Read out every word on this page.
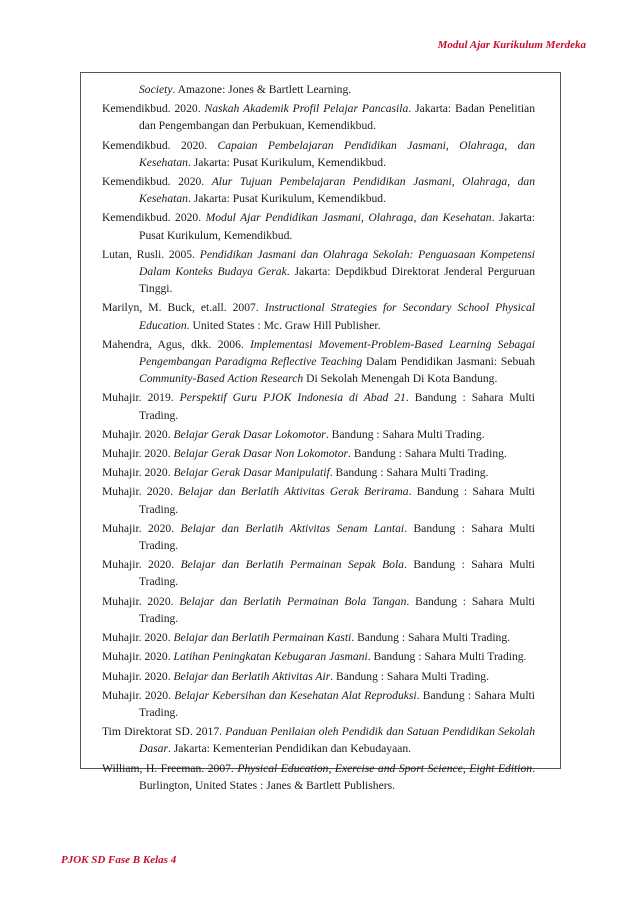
Modul Ajar Kurikulum Merdeka

Society. Amazone: Jones & Bartlett Learning.

Kemendikbud. 2020. Naskah Akademik Profil Pelajar Pancasila. Jakarta: Badan Penelitian dan Pengembangan dan Perbukuan, Kemendikbud.

Kemendikbud. 2020. Capaian Pembelajaran Pendidikan Jasmani, Olahraga, dan Kesehatan. Jakarta: Pusat Kurikulum, Kemendikbud.

Kemendikbud. 2020. Alur Tujuan Pembelajaran Pendidikan Jasmani, Olahraga, dan Kesehatan. Jakarta: Pusat Kurikulum, Kemendikbud.

Kemendikbud. 2020. Modul Ajar Pendidikan Jasmani, Olahraga, dan Kesehatan. Jakarta: Pusat Kurikulum, Kemendikbud.

Lutan, Rusli. 2005. Pendidikan Jasmani dan Olahraga Sekolah: Penguasaan Kompetensi Dalam Konteks Budaya Gerak. Jakarta: Depdikbud Direktorat Jenderal Perguruan Tinggi.

Marilyn, M. Buck, et.all. 2007. Instructional Strategies for Secondary School Physical Education. United States : Mc. Graw Hill Publisher.

Mahendra, Agus, dkk. 2006. Implementasi Movement-Problem-Based Learning Sebagai Pengembangan Paradigma Reflective Teaching Dalam Pendidikan Jasmani: Sebuah Community-Based Action Research Di Sekolah Menengah Di Kota Bandung.

Muhajir. 2019. Perspektif Guru PJOK Indonesia di Abad 21. Bandung : Sahara Multi Trading.

Muhajir. 2020. Belajar Gerak Dasar Lokomotor. Bandung : Sahara Multi Trading.

Muhajir. 2020. Belajar Gerak Dasar Non Lokomotor. Bandung : Sahara Multi Trading.

Muhajir. 2020. Belajar Gerak Dasar Manipulatif. Bandung : Sahara Multi Trading.

Muhajir. 2020. Belajar dan Berlatih Aktivitas Gerak Berirama. Bandung : Sahara Multi Trading.

Muhajir. 2020. Belajar dan Berlatih Aktivitas Senam Lantai. Bandung : Sahara Multi Trading.

Muhajir. 2020. Belajar dan Berlatih Permainan Sepak Bola. Bandung : Sahara Multi Trading.

Muhajir. 2020. Belajar dan Berlatih Permainan Bola Tangan. Bandung : Sahara Multi Trading.

Muhajir. 2020. Belajar dan Berlatih Permainan Kasti. Bandung : Sahara Multi Trading.

Muhajir. 2020. Latihan Peningkatan Kebugaran Jasmani. Bandung : Sahara Multi Trading.

Muhajir. 2020. Belajar dan Berlatih Aktivitas Air. Bandung : Sahara Multi Trading.

Muhajir. 2020. Belajar Kebersihan dan Kesehatan Alat Reproduksi. Bandung : Sahara Multi Trading.

Tim Direktorat SD. 2017. Panduan Penilaian oleh Pendidik dan Satuan Pendidikan Sekolah Dasar. Jakarta: Kementerian Pendidikan dan Kebudayaan.

William, H. Freeman. 2007. Physical Education, Exercise and Sport Science, Eight Edition. Burlington, United States : Janes & Bartlett Publishers.

PJOK SD Fase B Kelas 4
